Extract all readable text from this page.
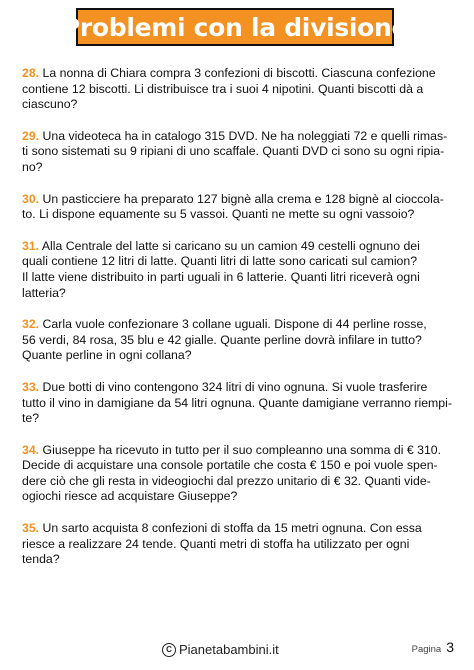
Problemi con la divisione
28. La nonna di Chiara compra 3 confezioni di biscotti. Ciascuna confezione
contiene 12 biscotti. Li distribuisce tra i suoi 4 nipotini. Quanti biscotti dà a
ciascuno?
29. Una videoteca ha in catalogo 315 DVD. Ne ha noleggiati 72 e quelli rimas-
ti sono sistemati su 9 ripiani di uno scaffale. Quanti DVD ci sono su ogni ripia-
no?
30. Un pasticciere ha preparato 127 bignè alla crema e 128 bignè al cioccola-
to. Li dispone equamente su 5 vassoi. Quanti ne mette su ogni vassoio?
31. Alla Centrale del latte si caricano su un camion 49 cestelli ognuno dei
quali contiene 12 litri di latte. Quanti litri di latte sono caricati sul camion?
Il latte viene distribuito in parti uguali in 6 latterie. Quanti litri riceverà ogni
latteria?
32. Carla vuole confezionare 3 collane uguali. Dispone di 44 perline rosse,
56 verdi, 84 rosa, 35 blu e 42 gialle. Quante perline dovrà infilare in tutto?
Quante perline in ogni collana?
33. Due botti di vino contengono 324 litri di vino ognuna. Si vuole trasferire
tutto il vino in damigiane da 54 litri ognuna. Quante damigiane verranno riempi-
te?
34. Giuseppe ha ricevuto in tutto per il suo compleanno una somma di € 310.
Decide di acquistare una console portatile che costa € 150 e poi vuole spen-
dere ciò che gli resta in videogiochi dal prezzo unitario di € 32. Quanti vide-
ogiochi riesce ad acquistare Giuseppe?
35. Un sarto acquista 8 confezioni di stoffa da 15 metri ognuna. Con essa
riesce a realizzare 24 tende. Quanti metri di stoffa ha utilizzato per ogni
tenda?
C Pianetabambini.it	Pagina 3
